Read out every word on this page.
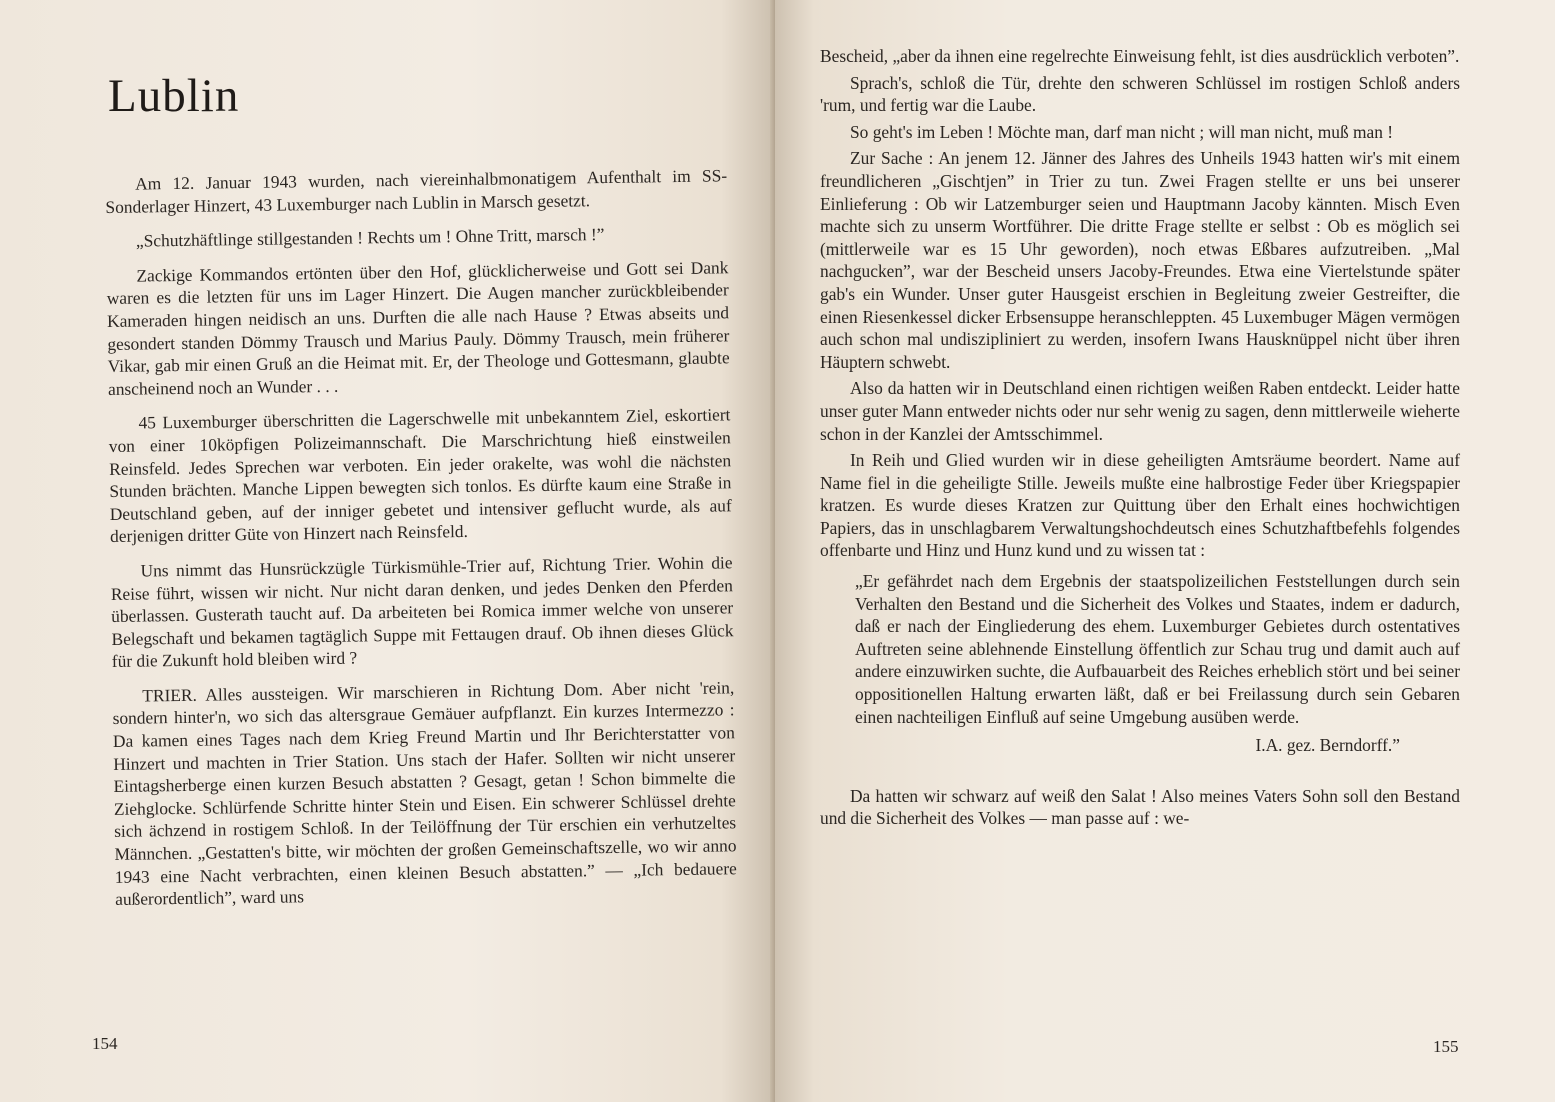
Lublin

Am 12. Januar 1943 wurden, nach viereinhalbmonatigem Aufenthalt im SS-Sonderlager Hinzert, 43 Luxemburger nach Lublin in Marsch gesetzt.

„Schutzhäftlinge stillgestanden ! Rechts um ! Ohne Tritt, marsch !”

Zackige Kommandos ertönten über den Hof, glücklicherweise und Gott sei Dank waren es die letzten für uns im Lager Hinzert. Die Augen mancher zurückbleibender Kameraden hingen neidisch an uns. Durften die alle nach Hause ? Etwas abseits und gesondert standen Dömmy Trausch und Marius Pauly. Dömmy Trausch, mein früherer Vikar, gab mir einen Gruß an die Heimat mit. Er, der Theologe und Gottesmann, glaubte anscheinend noch an Wunder . . .

45 Luxemburger überschritten die Lagerschwelle mit unbekanntem Ziel, eskortiert von einer 10köpfigen Polizeimannschaft. Die Marschrichtung hieß einstweilen Reinsfeld. Jedes Sprechen war verboten. Ein jeder orakelte, was wohl die nächsten Stunden brächten. Manche Lippen bewegten sich tonlos. Es dürfte kaum eine Straße in Deutschland geben, auf der inniger gebetet und intensiver geflucht wurde, als auf derjenigen dritter Güte von Hinzert nach Reinsfeld.

Uns nimmt das Hunsrückzügle Türkismühle-Trier auf, Richtung Trier. Wohin die Reise führt, wissen wir nicht. Nur nicht daran denken, und jedes Denken den Pferden überlassen. Gusterath taucht auf. Da arbeiteten bei Romica immer welche von unserer Belegschaft und bekamen tagtäglich Suppe mit Fettaugen drauf. Ob ihnen dieses Glück für die Zukunft hold bleiben wird ?

TRIER. Alles aussteigen. Wir marschieren in Richtung Dom. Aber nicht 'rein, sondern hinter'n, wo sich das altersgraue Gemäuer aufpflanzt. Ein kurzes Intermezzo : Da kamen eines Tages nach dem Krieg Freund Martin und Ihr Berichterstatter von Hinzert und machten in Trier Station. Uns stach der Hafer. Sollten wir nicht unserer Eintagsherberge einen kurzen Besuch abstatten ? Gesagt, getan ! Schon bimmelte die Ziehglocke. Schlürfende Schritte hinter Stein und Eisen. Ein schwerer Schlüssel drehte sich ächzend in rostigem Schloß. In der Teilöffnung der Tür erschien ein verhutzeltes Männchen. „Gestatten's bitte, wir möchten der großen Gemeinschaftszelle, wo wir anno 1943 eine Nacht verbrachten, einen kleinen Besuch abstatten.” — „Ich bedauere außerordentlich”, ward uns

154

Bescheid, „aber da ihnen eine regelrechte Einweisung fehlt, ist dies ausdrücklich verboten”.

Sprach's, schloß die Tür, drehte den schweren Schlüssel im rostigen Schloß anders 'rum, und fertig war die Laube.

So geht's im Leben ! Möchte man, darf man nicht ; will man nicht, muß man !

Zur Sache : An jenem 12. Jänner des Jahres des Unheils 1943 hatten wir's mit einem freundlicheren „Gischtjen” in Trier zu tun. Zwei Fragen stellte er uns bei unserer Einlieferung : Ob wir Latzemburger seien und Hauptmann Jacoby kännten. Misch Even machte sich zu unserm Wortführer. Die dritte Frage stellte er selbst : Ob es möglich sei (mittlerweile war es 15 Uhr geworden), noch etwas Eßbares aufzutreiben. „Mal nachgucken”, war der Bescheid unsers Jacoby-Freundes. Etwa eine Viertelstunde später gab's ein Wunder. Unser guter Hausgeist erschien in Begleitung zweier Gestreifter, die einen Riesenkessel dicker Erbsensuppe heranschleppten. 45 Luxembuger Mägen vermögen auch schon mal undiszipliniert zu werden, insofern Iwans Hausknüppel nicht über ihren Häuptern schwebt.

Also da hatten wir in Deutschland einen richtigen weißen Raben entdeckt. Leider hatte unser guter Mann entweder nichts oder nur sehr wenig zu sagen, denn mittlerweile wieherte schon in der Kanzlei der Amtsschimmel.

In Reih und Glied wurden wir in diese geheiligten Amtsräume beordert. Name auf Name fiel in die geheiligte Stille. Jeweils mußte eine halbrostige Feder über Kriegspapier kratzen. Es wurde dieses Kratzen zur Quittung über den Erhalt eines hochwichtigen Papiers, das in unschlagbarem Verwaltungshochdeutsch eines Schutzhaftbefehls folgendes offenbarte und Hinz und Hunz kund und zu wissen tat :

„Er gefährdet nach dem Ergebnis der staatspolizeilichen Feststellungen durch sein Verhalten den Bestand und die Sicherheit des Volkes und Staates, indem er dadurch, daß er nach der Eingliederung des ehem. Luxemburger Gebietes durch ostentatives Auftreten seine ablehnende Einstellung öffentlich zur Schau trug und damit auch auf andere einzuwirken suchte, die Aufbauarbeit des Reiches erheblich stört und bei seiner oppositionellen Haltung erwarten läßt, daß er bei Freilassung durch sein Gebaren einen nachteiligen Einfluß auf seine Umgebung ausüben werde.
I.A. gez. Berndorff.”

Da hatten wir schwarz auf weiß den Salat ! Also meines Vaters Sohn soll den Bestand und die Sicherheit des Volkes — man passe auf : we-

155
